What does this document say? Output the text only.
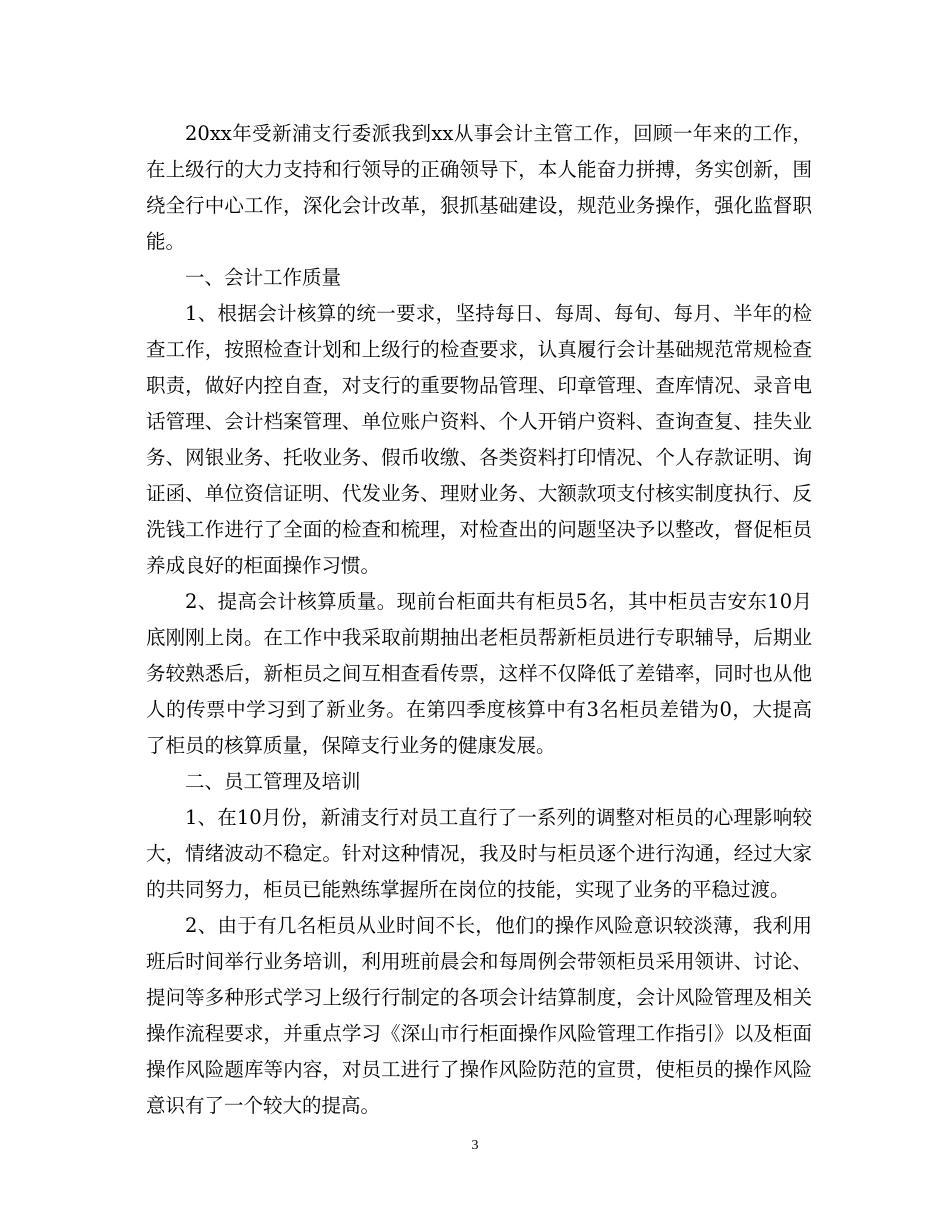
20xx年受新浦支行委派我到xx从事会计主管工作，回顾一年来的工作，在上级行的大力支持和行领导的正确领导下，本人能奋力拼搏，务实创新，围绕全行中心工作，深化会计改革，狠抓基础建设，规范业务操作，强化监督职能。

一、会计工作质量

1、根据会计核算的统一要求，坚持每日、每周、每旬、每月、半年的检查工作，按照检查计划和上级行的检查要求，认真履行会计基础规范常规检查职责，做好内控自查，对支行的重要物品管理、印章管理、查库情况、录音电话管理、会计档案管理、单位账户资料、个人开销户资料、查询查复、挂失业务、网银业务、托收业务、假币收缴、各类资料打印情况、个人存款证明、询证函、单位资信证明、代发业务、理财业务、大额款项支付核实制度执行、反洗钱工作进行了全面的检查和梳理，对检查出的问题坚决予以整改，督促柜员养成良好的柜面操作习惯。

2、提高会计核算质量。现前台柜面共有柜员5名，其中柜员吉安东10月底刚刚上岗。在工作中我采取前期抽出老柜员帮新柜员进行专职辅导，后期业务较熟悉后，新柜员之间互相查看传票，这样不仅降低了差错率，同时也从他人的传票中学习到了新业务。在第四季度核算中有3名柜员差错为0，大提高了柜员的核算质量，保障支行业务的健康发展。

二、员工管理及培训

1、在10月份，新浦支行对员工直行了一系列的调整对柜员的心理影响较大，情绪波动不稳定。针对这种情况，我及时与柜员逐个进行沟通，经过大家的共同努力，柜员已能熟练掌握所在岗位的技能，实现了业务的平稳过渡。

2、由于有几名柜员从业时间不长，他们的操作风险意识较淡薄，我利用班后时间举行业务培训，利用班前晨会和每周例会带领柜员采用领讲、讨论、提问等多种形式学习上级行行制定的各项会计结算制度，会计风险管理及相关操作流程要求，并重点学习《深山市行柜面操作风险管理工作指引》以及柜面操作风险题库等内容，对员工进行了操作风险防范的宣贯，使柜员的操作风险意识有了一个较大的提高。

3
